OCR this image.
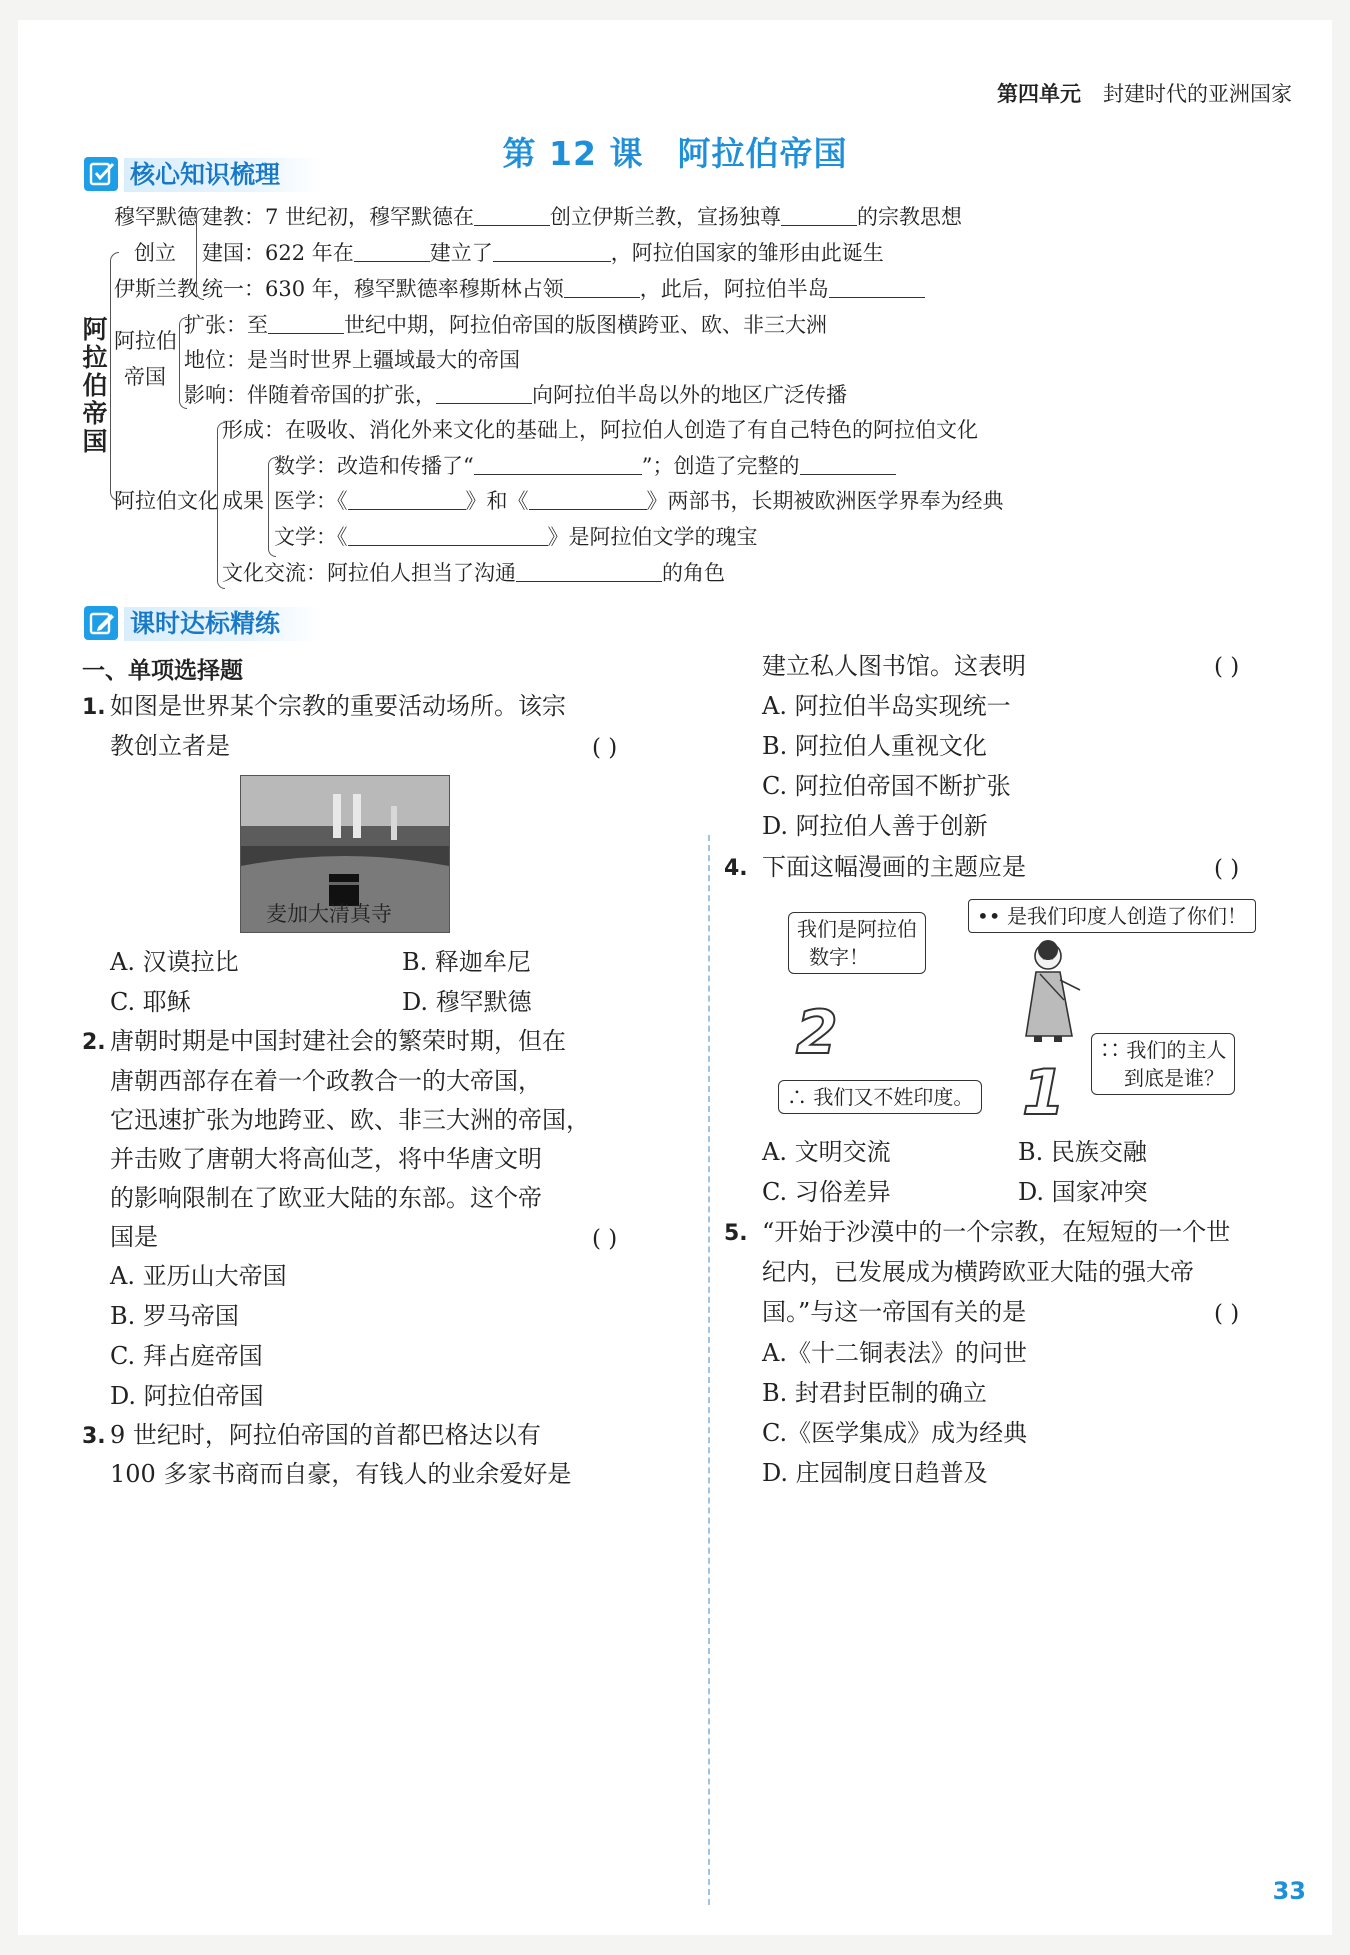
第四单元 封建时代的亚洲国家
第 12 课 阿拉伯帝国
核心知识梳理
阿拉伯帝国
穆罕默德
创立
伊斯兰教
建教：7 世纪初，穆罕默德在	创立伊斯兰教，宣扬独尊	的宗教思想
建国：622 年在	建立了	，阿拉伯国家的雏形由此诞生
统一：630 年，穆罕默德率穆斯林占领	，此后，阿拉伯半岛
阿拉伯
帝国
扩张：至	世纪中期，阿拉伯帝国的版图横跨亚、欧、非三大洲
地位：是当时世界上疆域最大的帝国
影响：伴随着帝国的扩张，	向阿拉伯半岛以外的地区广泛传播
阿拉伯文化
形成：在吸收、消化外来文化的基础上，阿拉伯人创造了有自己特色的阿拉伯文化
成果
数学：改造和传播了“	”；创造了完整的
医学：《	》和《	》两部书，长期被欧洲医学界奉为经典
文学：《	》是阿拉伯文学的瑰宝
文化交流：阿拉伯人担当了沟通	的角色
课时达标精练
一、单项选择题
1. 如图是世界某个宗教的重要活动场所。该宗
教创立者是	( )
麦加大清真寺
A. 汉谟拉比	B. 释迦牟尼
C. 耶稣	D. 穆罕默德
2. 唐朝时期是中国封建社会的繁荣时期，但在
唐朝西部存在着一个政教合一的大帝国，
它迅速扩张为地跨亚、欧、非三大洲的帝国，
并击败了唐朝大将高仙芝，将中华唐文明
的影响限制在了欧亚大陆的东部。这个帝
国是	( )
A. 亚历山大帝国
B. 罗马帝国
C. 拜占庭帝国
D. 阿拉伯帝国
3. 9 世纪时，阿拉伯帝国的首都巴格达以有
100 多家书商而自豪，有钱人的业余爱好是
建立私人图书馆。这表明	( )
A. 阿拉伯半岛实现统一
B. 阿拉伯人重视文化
C. 阿拉伯帝国不断扩张
D. 阿拉伯人善于创新
4. 下面这幅漫画的主题应是	( )
我们是阿拉伯
数字！
•• 是我们印度人创造了你们！
2	∷ 我们的主人
到底是谁？
∴ 我们又不姓印度。 1
A. 文明交流	B. 民族交融
C. 习俗差异	D. 国家冲突
5. “开始于沙漠中的一个宗教，在短短的一个世
纪内，已发展成为横跨欧亚大陆的强大帝
国。”与这一帝国有关的是	( )
A.《十二铜表法》的问世
B. 封君封臣制的确立
C.《医学集成》成为经典
D. 庄园制度日趋普及
33
